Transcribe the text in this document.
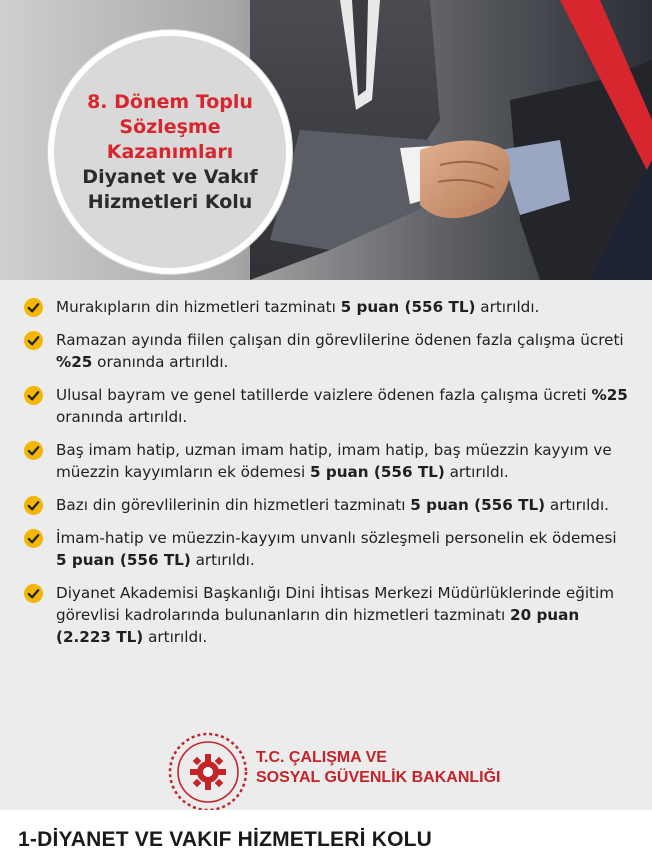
8. Dönem Toplu
Sözleşme
Kazanımları
Diyanet ve Vakıf
Hizmetleri Kolu
Murakıpların din hizmetleri tazminatı 5 puan (556 TL) artırıldı.
Ramazan ayında fiilen çalışan din görevlilerine ödenen fazla çalışma ücreti %25 oranında artırıldı.
Ulusal bayram ve genel tatillerde vaizlere ödenen fazla çalışma ücreti %25 oranında artırıldı.
Baş imam hatip, uzman imam hatip, imam hatip, baş müezzin kayyım ve müezzin kayyımların ek ödemesi 5 puan (556 TL) artırıldı.
Bazı din görevlilerinin din hizmetleri tazminatı 5 puan (556 TL) artırıldı.
İmam-hatip ve müezzin-kayyım unvanlı sözleşmeli personelin ek ödemesi 5 puan (556 TL) artırıldı.
Diyanet Akademisi Başkanlığı Dini İhtisas Merkezi Müdürlüklerinde eğitim görevlisi kadrolarında bulunanların din hizmetleri tazminatı 20 puan (2.223 TL) artırıldı.
T.C. ÇALIŞMA VE
SOSYAL GÜVENLİK BAKANLIĞI
1-DİYANET VE VAKIF HİZMETLERİ KOLU
